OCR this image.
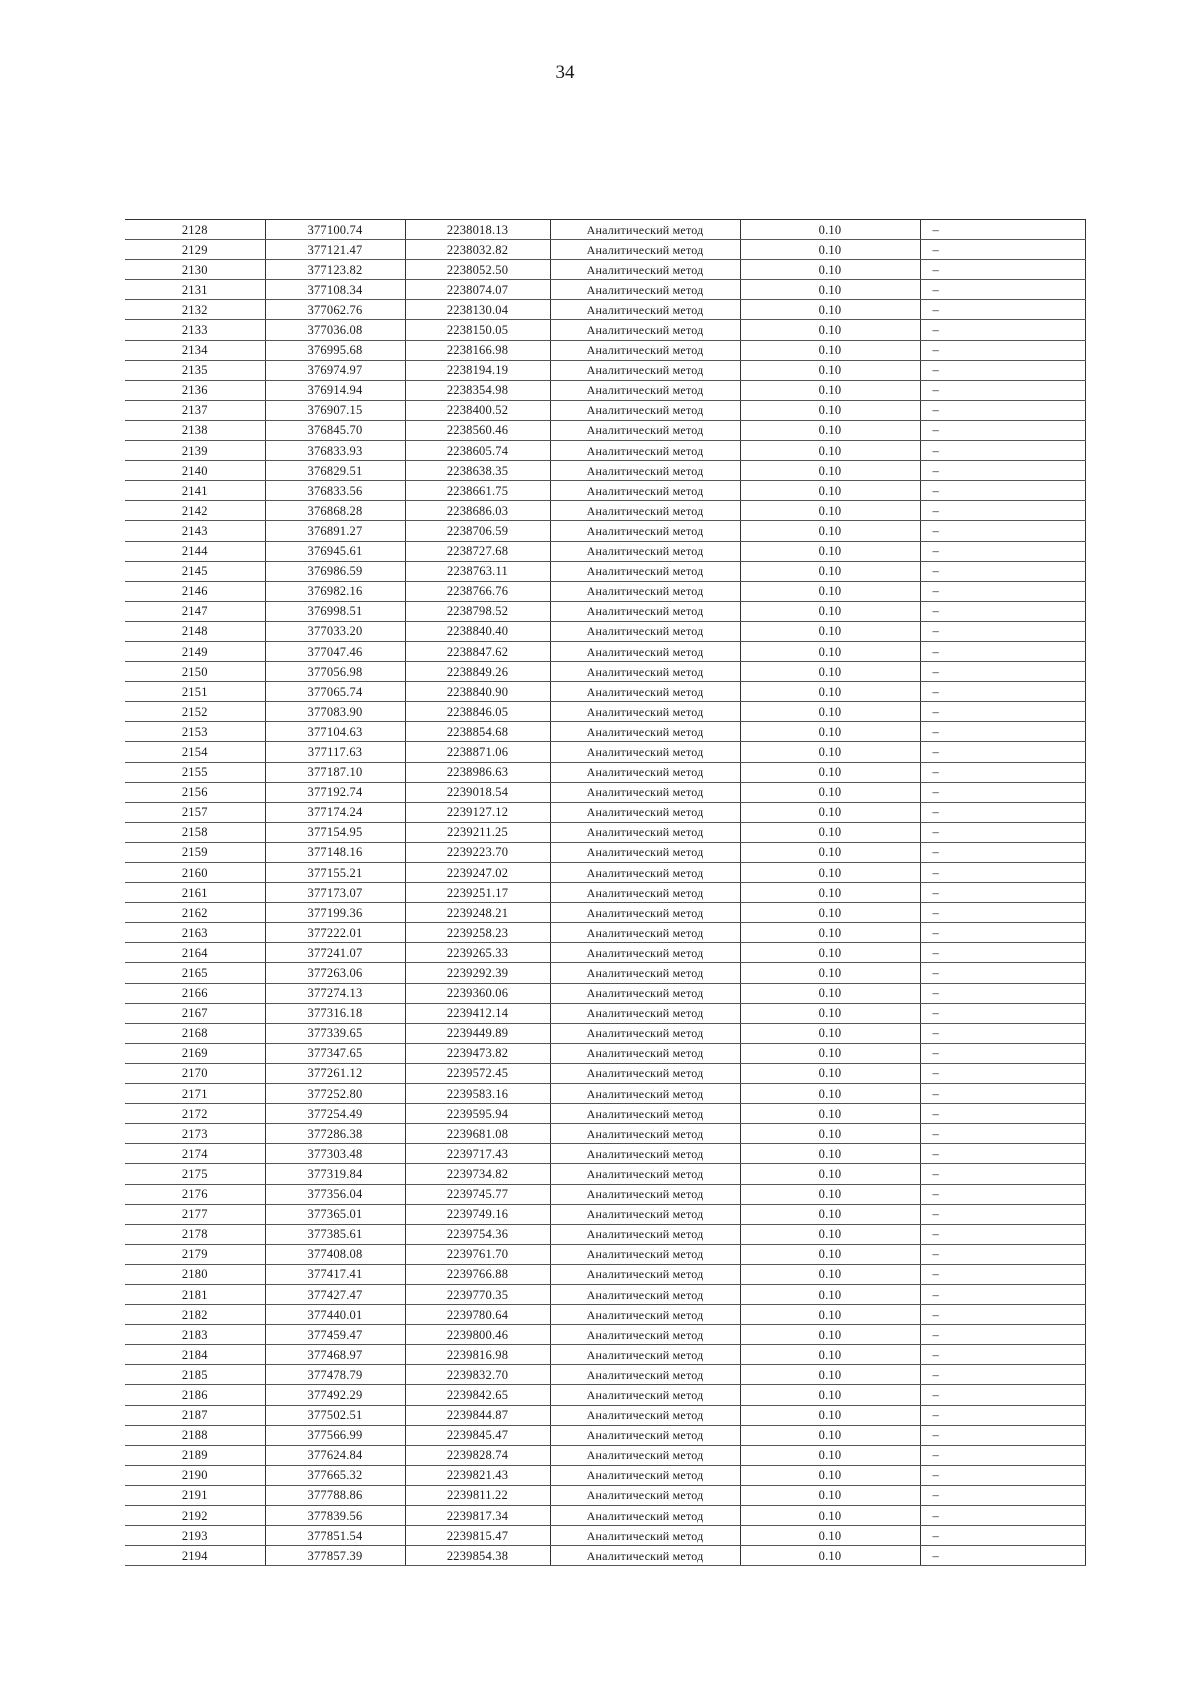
34
2128	377100.74	2238018.13	Аналитический метод	0.10	–
2129	377121.47	2238032.82	Аналитический метод	0.10	–
2130	377123.82	2238052.50	Аналитический метод	0.10	–
2131	377108.34	2238074.07	Аналитический метод	0.10	–
2132	377062.76	2238130.04	Аналитический метод	0.10	–
2133	377036.08	2238150.05	Аналитический метод	0.10	–
2134	376995.68	2238166.98	Аналитический метод	0.10	–
2135	376974.97	2238194.19	Аналитический метод	0.10	–
2136	376914.94	2238354.98	Аналитический метод	0.10	–
2137	376907.15	2238400.52	Аналитический метод	0.10	–
2138	376845.70	2238560.46	Аналитический метод	0.10	–
2139	376833.93	2238605.74	Аналитический метод	0.10	–
2140	376829.51	2238638.35	Аналитический метод	0.10	–
2141	376833.56	2238661.75	Аналитический метод	0.10	–
2142	376868.28	2238686.03	Аналитический метод	0.10	–
2143	376891.27	2238706.59	Аналитический метод	0.10	–
2144	376945.61	2238727.68	Аналитический метод	0.10	–
2145	376986.59	2238763.11	Аналитический метод	0.10	–
2146	376982.16	2238766.76	Аналитический метод	0.10	–
2147	376998.51	2238798.52	Аналитический метод	0.10	–
2148	377033.20	2238840.40	Аналитический метод	0.10	–
2149	377047.46	2238847.62	Аналитический метод	0.10	–
2150	377056.98	2238849.26	Аналитический метод	0.10	–
2151	377065.74	2238840.90	Аналитический метод	0.10	–
2152	377083.90	2238846.05	Аналитический метод	0.10	–
2153	377104.63	2238854.68	Аналитический метод	0.10	–
2154	377117.63	2238871.06	Аналитический метод	0.10	–
2155	377187.10	2238986.63	Аналитический метод	0.10	–
2156	377192.74	2239018.54	Аналитический метод	0.10	–
2157	377174.24	2239127.12	Аналитический метод	0.10	–
2158	377154.95	2239211.25	Аналитический метод	0.10	–
2159	377148.16	2239223.70	Аналитический метод	0.10	–
2160	377155.21	2239247.02	Аналитический метод	0.10	–
2161	377173.07	2239251.17	Аналитический метод	0.10	–
2162	377199.36	2239248.21	Аналитический метод	0.10	–
2163	377222.01	2239258.23	Аналитический метод	0.10	–
2164	377241.07	2239265.33	Аналитический метод	0.10	–
2165	377263.06	2239292.39	Аналитический метод	0.10	–
2166	377274.13	2239360.06	Аналитический метод	0.10	–
2167	377316.18	2239412.14	Аналитический метод	0.10	–
2168	377339.65	2239449.89	Аналитический метод	0.10	–
2169	377347.65	2239473.82	Аналитический метод	0.10	–
2170	377261.12	2239572.45	Аналитический метод	0.10	–
2171	377252.80	2239583.16	Аналитический метод	0.10	–
2172	377254.49	2239595.94	Аналитический метод	0.10	–
2173	377286.38	2239681.08	Аналитический метод	0.10	–
2174	377303.48	2239717.43	Аналитический метод	0.10	–
2175	377319.84	2239734.82	Аналитический метод	0.10	–
2176	377356.04	2239745.77	Аналитический метод	0.10	–
2177	377365.01	2239749.16	Аналитический метод	0.10	–
2178	377385.61	2239754.36	Аналитический метод	0.10	–
2179	377408.08	2239761.70	Аналитический метод	0.10	–
2180	377417.41	2239766.88	Аналитический метод	0.10	–
2181	377427.47	2239770.35	Аналитический метод	0.10	–
2182	377440.01	2239780.64	Аналитический метод	0.10	–
2183	377459.47	2239800.46	Аналитический метод	0.10	–
2184	377468.97	2239816.98	Аналитический метод	0.10	–
2185	377478.79	2239832.70	Аналитический метод	0.10	–
2186	377492.29	2239842.65	Аналитический метод	0.10	–
2187	377502.51	2239844.87	Аналитический метод	0.10	–
2188	377566.99	2239845.47	Аналитический метод	0.10	–
2189	377624.84	2239828.74	Аналитический метод	0.10	–
2190	377665.32	2239821.43	Аналитический метод	0.10	–
2191	377788.86	2239811.22	Аналитический метод	0.10	–
2192	377839.56	2239817.34	Аналитический метод	0.10	–
2193	377851.54	2239815.47	Аналитический метод	0.10	–
2194	377857.39	2239854.38	Аналитический метод	0.10	–
